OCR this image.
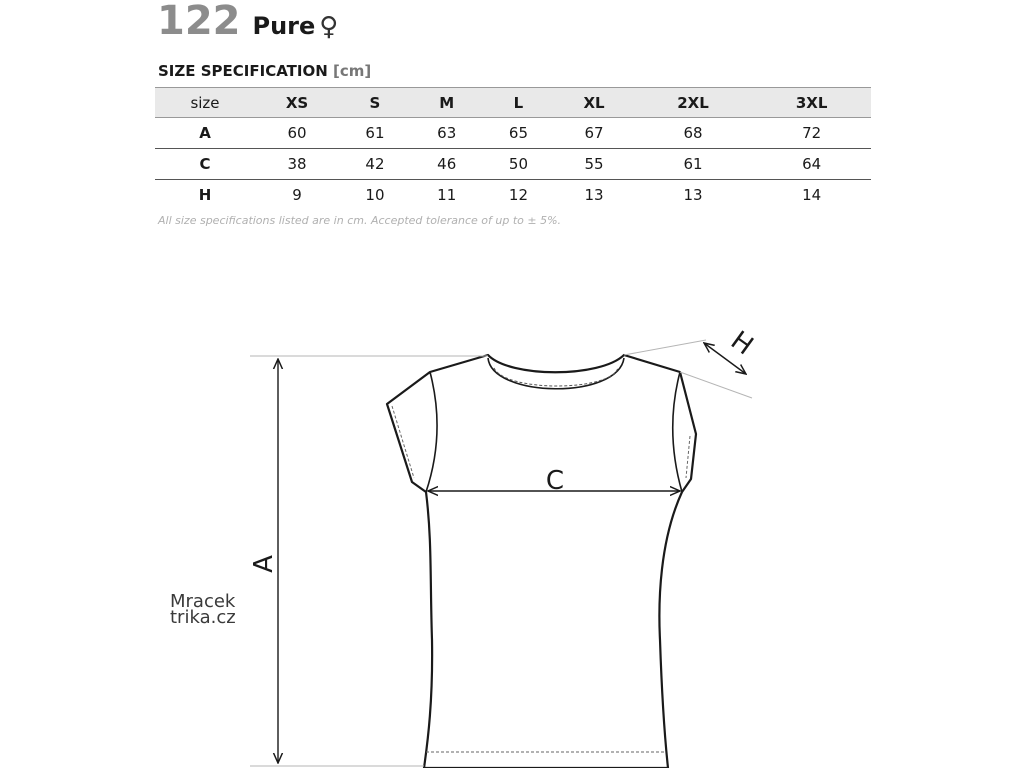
122 Pure ♀
SIZE SPECIFICATION [cm]
size	XS	S	M	L	XL	2XL	3XL
A	60	61	63	65	67	68	72
C	38	42	46	50	55	61	64
H	9	10	11	12	13	13	14
All size specifications listed are in cm. Accepted tolerance of up to ± 5%.
A
C
H
Mracek
trika.cz
